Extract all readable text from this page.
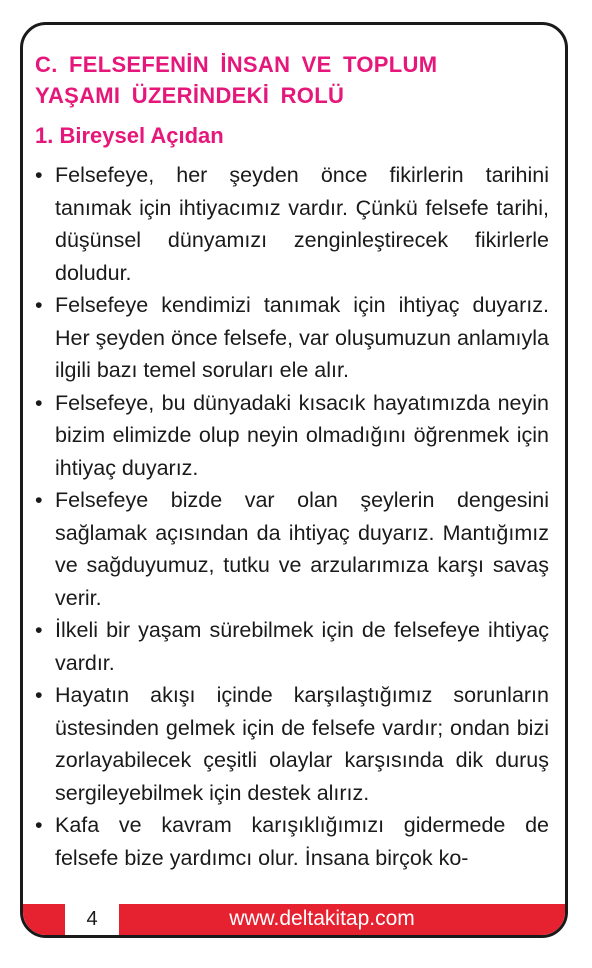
C. FELSEFENİN İNSAN VE TOPLUM
YAŞAMI ÜZERİNDEKİ ROLÜ
1. Bireysel Açıdan
• Felsefeye, her şeyden önce fikirlerin tarihini tanımak için ihtiyacımız vardır. Çünkü felsefe tarihi, düşünsel dünyamızı zenginleştirecek fikirlerle doludur.
• Felsefeye kendimizi tanımak için ihtiyaç duyarız. Her şeyden önce felsefe, var oluşumuzun anlamıyla ilgili bazı temel soruları ele alır.
• Felsefeye, bu dünyadaki kısacık hayatımızda neyin bizim elimizde olup neyin olmadığını öğrenmek için ihtiyaç duyarız.
• Felsefeye bizde var olan şeylerin dengesini sağlamak açısından da ihtiyaç duyarız. Mantığımız ve sağduyumuz, tutku ve arzularımıza karşı savaş verir.
• İlkeli bir yaşam sürebilmek için de felsefeye ihtiyaç vardır.
• Hayatın akışı içinde karşılaştığımız sorunların üstesinden gelmek için de felsefe vardır; ondan bizi zorlayabilecek çeşitli olaylar karşısında dik duruş sergileyebilmek için destek alırız.
• Kafa ve kavram karışıklığımızı gidermede de felsefe bize yardımcı olur. İnsana birçok ko-
4	www.deltakitap.com
